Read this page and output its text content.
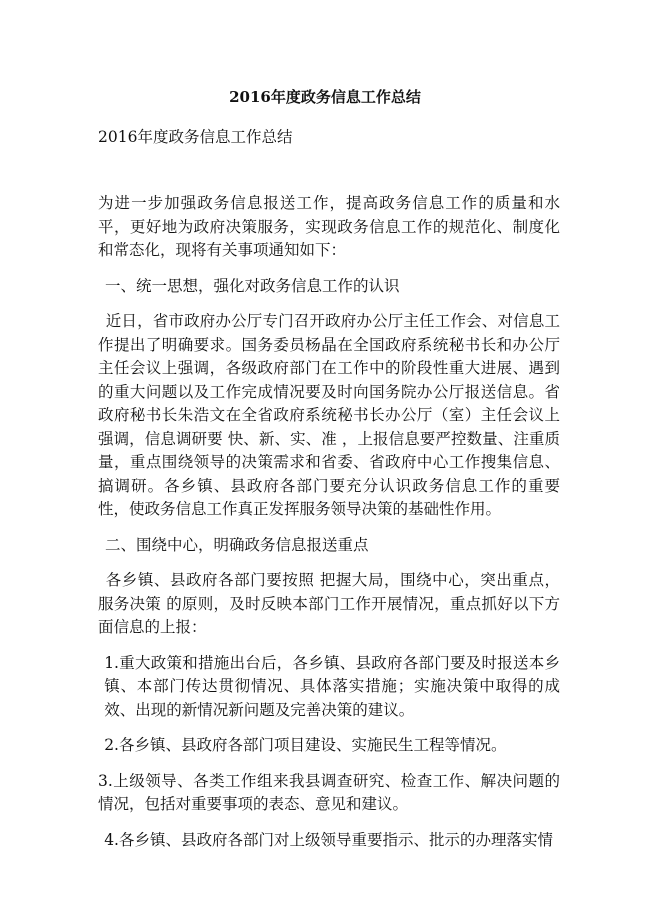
2016年度政务信息工作总结
2016年度政务信息工作总结

为进一步加强政务信息报送工作，提高政务信息工作的质量和水平，更好地为政府决策服务，实现政务信息工作的规范化、制度化和常态化，现将有关事项通知如下：

一、统一思想，强化对政务信息工作的认识

近日，省市政府办公厅专门召开政府办公厅主任工作会、对信息工作提出了明确要求。国务委员杨晶在全国政府系统秘书长和办公厅主任会议上强调，各级政府部门在工作中的阶段性重大进展、遇到的重大问题以及工作完成情况要及时向国务院办公厅报送信息。省政府秘书长朱浩文在全省政府系统秘书长办公厅（室）主任会议上强调，信息调研要 快、新、实、准 ，上报信息要严控数量、注重质量，重点围绕领导的决策需求和省委、省政府中心工作搜集信息、搞调研。各乡镇、县政府各部门要充分认识政务信息工作的重要性，使政务信息工作真正发挥服务领导决策的基础性作用。

二、围绕中心，明确政务信息报送重点

各乡镇、县政府各部门要按照 把握大局，围绕中心，突出重点，服务决策 的原则，及时反映本部门工作开展情况，重点抓好以下方面信息的上报：

1.重大政策和措施出台后，各乡镇、县政府各部门要及时报送本乡镇、本部门传达贯彻情况、具体落实措施；实施决策中取得的成效、出现的新情况新问题及完善决策的建议。

2.各乡镇、县政府各部门项目建设、实施民生工程等情况。

3.上级领导、各类工作组来我县调查研究、检查工作、解决问题的情况，包括对重要事项的表态、意见和建议。

4.各乡镇、县政府各部门对上级领导重要指示、批示的办理落实情
